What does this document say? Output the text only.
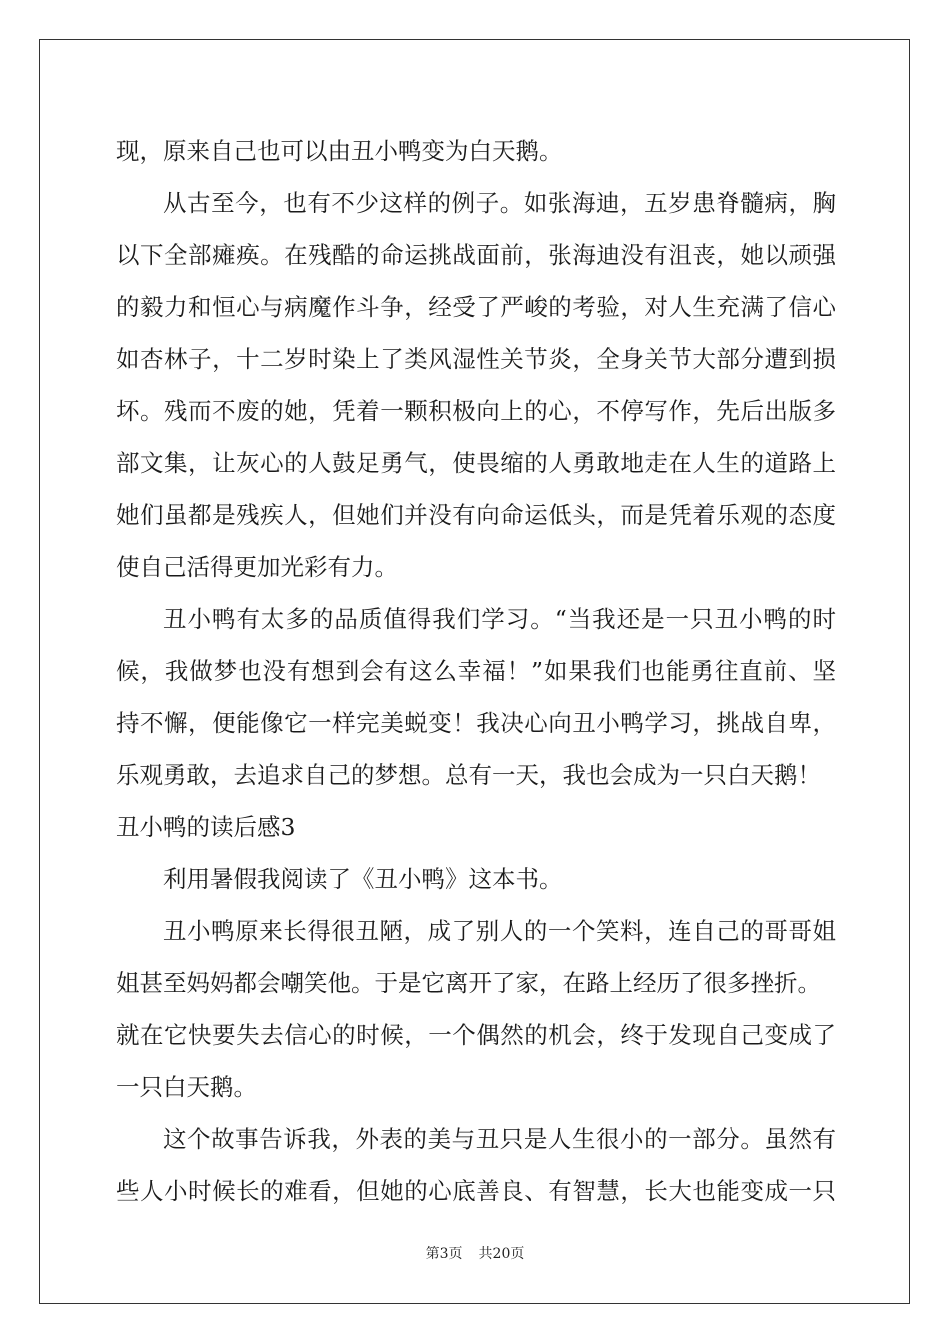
现，原来自己也可以由丑小鸭变为白天鹅。
从古至今，也有不少这样的例子。如张海迪，五岁患脊髓病，胸
以下全部瘫痪。在残酷的命运挑战面前，张海迪没有沮丧，她以顽强
的毅力和恒心与病魔作斗争，经受了严峻的考验，对人生充满了信心
如杏林子，十二岁时染上了类风湿性关节炎，全身关节大部分遭到损
坏。残而不废的她，凭着一颗积极向上的心，不停写作，先后出版多
部文集，让灰心的人鼓足勇气，使畏缩的人勇敢地走在人生的道路上
她们虽都是残疾人，但她们并没有向命运低头，而是凭着乐观的态度
使自己活得更加光彩有力。
丑小鸭有太多的品质值得我们学习。“当我还是一只丑小鸭的时
候，我做梦也没有想到会有这么幸福！”如果我们也能勇往直前、坚
持不懈，便能像它一样完美蜕变！我决心向丑小鸭学习，挑战自卑，
乐观勇敢，去追求自己的梦想。总有一天，我也会成为一只白天鹅！
丑小鸭的读后感3
利用暑假我阅读了《丑小鸭》这本书。
丑小鸭原来长得很丑陋，成了别人的一个笑料，连自己的哥哥姐
姐甚至妈妈都会嘲笑他。于是它离开了家，在路上经历了很多挫折。
就在它快要失去信心的时候，一个偶然的机会，终于发现自己变成了
一只白天鹅。
这个故事告诉我，外表的美与丑只是人生很小的一部分。虽然有
些人小时候长的难看，但她的心底善良、有智慧，长大也能变成一只
第3页 共20页
